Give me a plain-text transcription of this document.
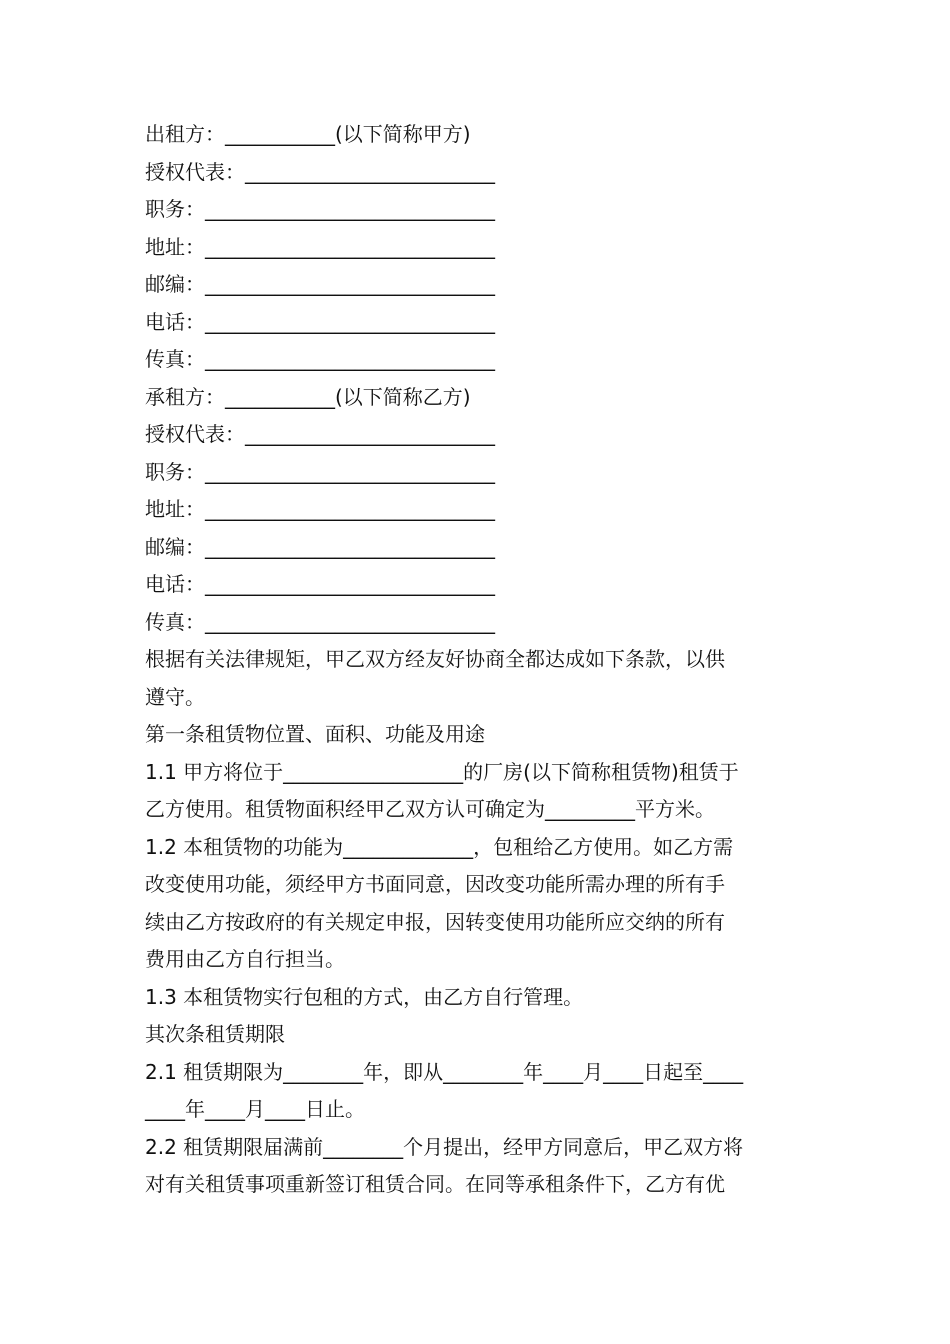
出租方：___________(以下简称甲方)
授权代表：_________________________
职务：_____________________________
地址：_____________________________
邮编：_____________________________
电话：_____________________________
传真：_____________________________
承租方：___________(以下简称乙方)
授权代表：_________________________
职务：_____________________________
地址：_____________________________
邮编：_____________________________
电话：_____________________________
传真：_____________________________
根据有关法律规矩，甲乙双方经友好协商全都达成如下条款，以供
遵守。
第一条租赁物位置、面积、功能及用途
1.1 甲方将位于__________________的厂房(以下简称租赁物)租赁于
乙方使用。租赁物面积经甲乙双方认可确定为_________平方米。
1.2 本租赁物的功能为_____________，包租给乙方使用。如乙方需
改变使用功能，须经甲方书面同意，因改变功能所需办理的所有手
续由乙方按政府的有关规定申报，因转变使用功能所应交纳的所有
费用由乙方自行担当。
1.3 本租赁物实行包租的方式，由乙方自行管理。
其次条租赁期限
2.1 租赁期限为________年，即从________年____月____日起至____
____年____月____日止。
2.2 租赁期限届满前________个月提出，经甲方同意后，甲乙双方将
对有关租赁事项重新签订租赁合同。在同等承租条件下，乙方有优
